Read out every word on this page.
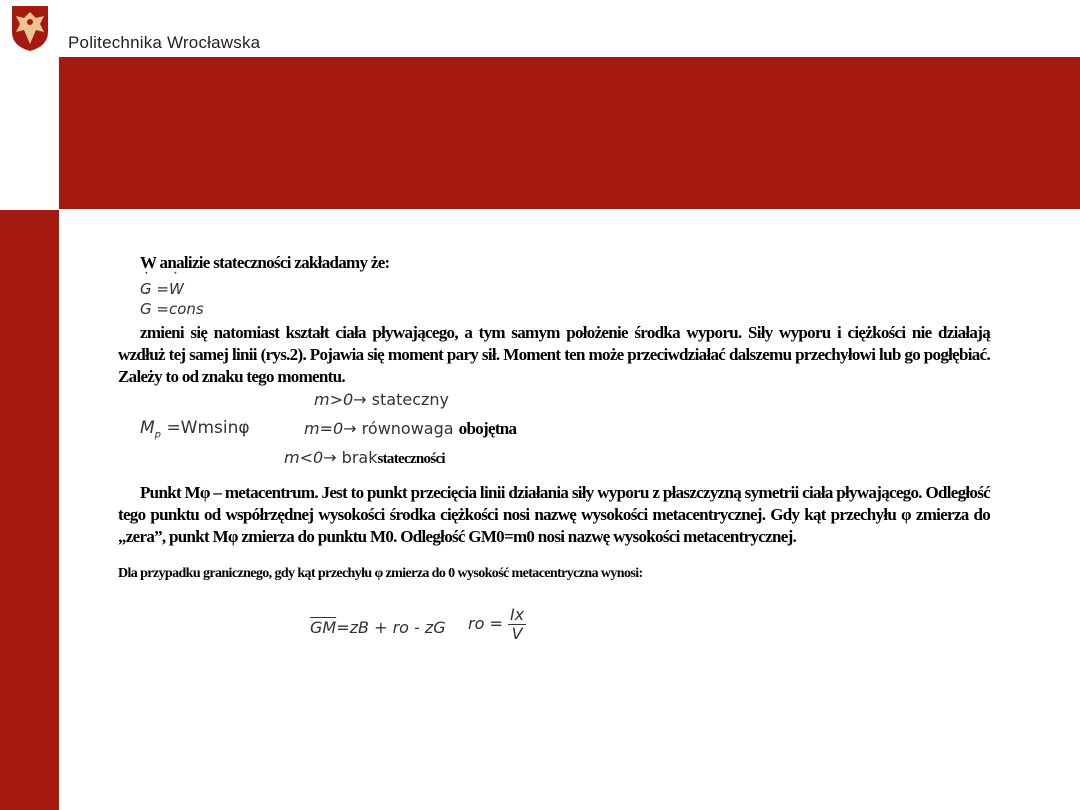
Politechnika Wrocławska

W analizie stateczności zakładamy że:

˙ G =˙ W
˙ G =cons

zmieni się natomiast kształt ciała pływającego, a tym samym położenie środka wyporu. Siły wyporu i ciężkości nie działają wzdłuż tej samej linii (rys.2). Pojawia się moment pary sił. Moment ten może przeciwdziałać dalszemu przechyłowi lub go pogłębiać. Zależy to od znaku tego momentu.

m>0→ stateczny
$M_p =Wmsin\varphi$	m=0→ równowaga obojętna
m<0→ brakstateczności

Punkt Mφ – metacentrum. Jest to punkt przecięcia linii działania siły wyporu z płaszczyzną symetrii ciała pływającego. Odległość tego punktu od współrzędnej wysokości środka ciężkości nosi nazwę wysokości metacentrycznej. Gdy kąt przechyłu φ zmierza do „zera”, punkt Mφ zmierza do punktu M0. Odległość GM0=m0 nosi nazwę wysokości metacentrycznej.

Dla przypadku granicznego, gdy kąt przechyłu φ zmierza do 0 wysokość metacentryczna wynosi:

$\overline{GM}=zB$ + ro - zG ro = $\frac{Ix}{V}$
